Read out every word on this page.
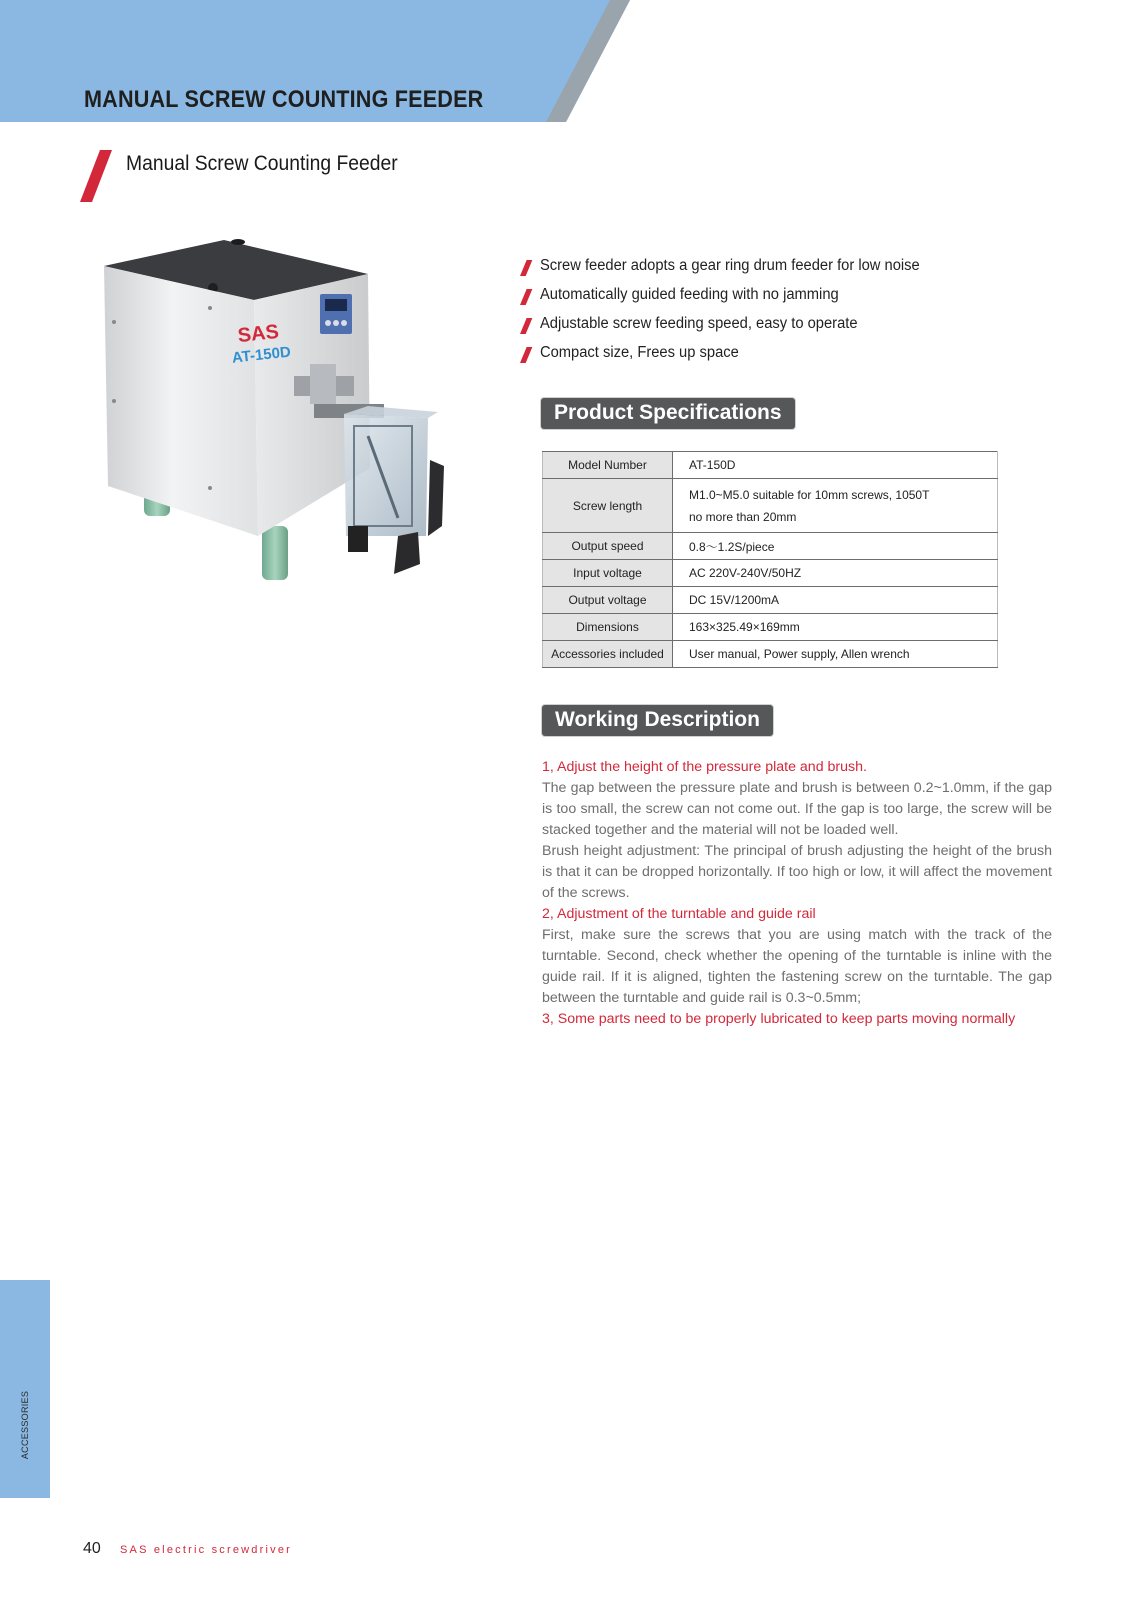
MANUAL SCREW COUNTING FEEDER
Manual Screw Counting Feeder
SAS
AT-150D
Screw feeder adopts a gear ring drum feeder for low noise
Automatically guided feeding with no jamming
Adjustable screw feeding speed, easy to operate
Compact size, Frees up space
Product Specifications
Model Number	AT-150D
Screw length	M1.0~M5.0 suitable for 10mm screws, 1050T
no more than 20mm

Output speed	0.8～1.2S/piece
Input voltage	AC 220V-240V/50HZ
Output voltage	DC 15V/1200mA
Dimensions	163×325.49×169mm
Accessories included	User manual, Power supply, Allen wrench
Working Description

1, Adjust the height of the pressure plate and brush.

The gap between the pressure plate and brush is between 0.2~1.0mm, if the gap is too small, the screw can not come out. If the gap is too large, the screw will be stacked together and the material will not be loaded well.

Brush height adjustment: The principal of brush adjusting the height of the brush is that it can be dropped horizontally. If too high or low, it will affect the movement of the screws.

2, Adjustment of the turntable and guide rail

First, make sure the screws that you are using match with the track of the turntable. Second, check whether the opening of the turntable is inline with the guide rail. If it is aligned, tighten the fastening screw on the turntable. The gap between the turntable and guide rail is 0.3~0.5mm;

3, Some parts need to be properly lubricated to keep parts moving normally

ACCESSORIES
40 SAS electric screwdriver
